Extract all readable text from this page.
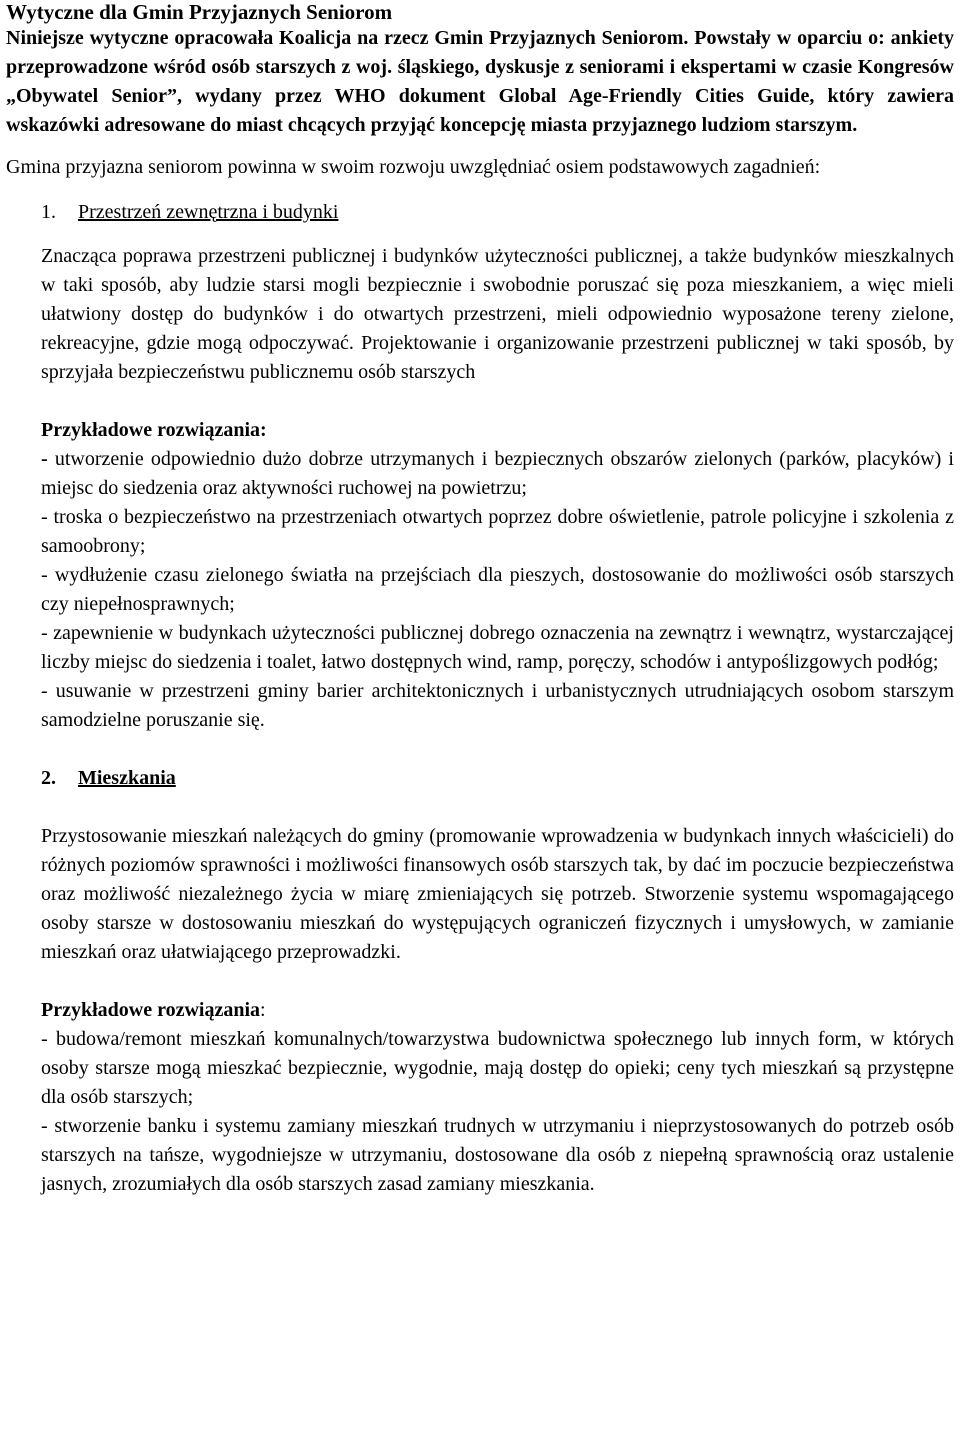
Wytyczne dla Gmin Przyjaznych Seniorom

Niniejsze wytyczne opracowała Koalicja na rzecz Gmin Przyjaznych Seniorom. Powstały w oparciu o: ankiety przeprowadzone wśród osób starszych z woj. śląskiego, dyskusje z seniorami i ekspertami w czasie Kongresów „Obywatel Senior”, wydany przez WHO dokument Global Age-Friendly Cities Guide, który zawiera wskazówki adresowane do miast chcących przyjąć koncepcję miasta przyjaznego ludziom starszym.

Gmina przyjazna seniorom powinna w swoim rozwoju uwzględniać osiem podstawowych zagadnień:

1. Przestrzeń zewnętrzna i budynki

Znacząca poprawa przestrzeni publicznej i budynków użyteczności publicznej, a także budynków mieszkalnych w taki sposób, aby ludzie starsi mogli bezpiecznie i swobodnie poruszać się poza mieszkaniem, a więc mieli ułatwiony dostęp do budynków i do otwartych przestrzeni, mieli odpowiednio wyposażone tereny zielone, rekreacyjne, gdzie mogą odpoczywać. Projektowanie i organizowanie przestrzeni publicznej w taki sposób, by sprzyjała bezpieczeństwu publicznemu osób starszych

Przykładowe rozwiązania:

- utworzenie odpowiednio dużo dobrze utrzymanych i bezpiecznych obszarów zielonych (parków, placyków) i miejsc do siedzenia oraz aktywności ruchowej na powietrzu;

- troska o bezpieczeństwo na przestrzeniach otwartych poprzez dobre oświetlenie, patrole policyjne i szkolenia z samoobrony;

- wydłużenie czasu zielonego światła na przejściach dla pieszych, dostosowanie do możliwości osób starszych czy niepełnosprawnych;

- zapewnienie w budynkach użyteczności publicznej dobrego oznaczenia na zewnątrz i wewnątrz, wystarczającej liczby miejsc do siedzenia i toalet, łatwo dostępnych wind, ramp, poręczy, schodów i antypoślizgowych podłóg;

- usuwanie w przestrzeni gminy barier architektonicznych i urbanistycznych utrudniających osobom starszym samodzielne poruszanie się.

2. Mieszkania

Przystosowanie mieszkań należących do gminy (promowanie wprowadzenia w budynkach innych właścicieli) do różnych poziomów sprawności i możliwości finansowych osób starszych tak, by dać im poczucie bezpieczeństwa oraz możliwość niezależnego życia w miarę zmieniających się potrzeb. Stworzenie systemu wspomagającego osoby starsze w dostosowaniu mieszkań do występujących ograniczeń fizycznych i umysłowych, w zamianie mieszkań oraz ułatwiającego przeprowadzki.

Przykładowe rozwiązania:

- budowa/remont mieszkań komunalnych/towarzystwa budownictwa społecznego lub innych form, w których osoby starsze mogą mieszkać bezpiecznie, wygodnie, mają dostęp do opieki; ceny tych mieszkań są przystępne dla osób starszych;

- stworzenie banku i systemu zamiany mieszkań trudnych w utrzymaniu i nieprzystosowanych do potrzeb osób starszych na tańsze, wygodniejsze w utrzymaniu, dostosowane dla osób z niepełną sprawnością oraz ustalenie jasnych, zrozumiałych dla osób starszych zasad zamiany mieszkania.
